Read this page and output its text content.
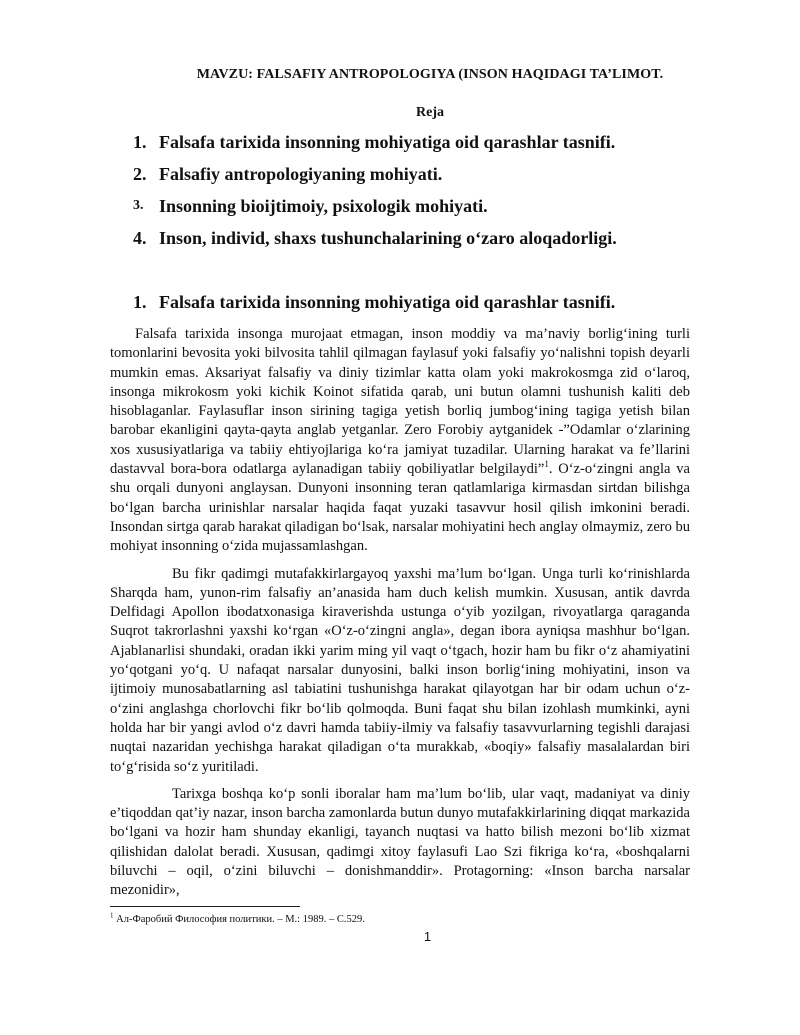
MAVZU: FALSAFIY ANTROPOLOGIYA (INSON HAQIDAGI TA’LIMOT.
Reja
1. Falsafa tarixida insonning mohiyatiga oid qarashlar tasnifi.
2. Falsafiy antropologiyaning mohiyati.
3. Insonning bioijtimoiy, psixologik mohiyati.
4. Inson, individ, shaxs tushunchalarining o‘zaro aloqadorligi.
1. Falsafa tarixida insonning mohiyatiga oid qarashlar tasnifi.

Falsafa tarixida insonga murojaat etmagan, inson moddiy va ma’naviy borlig‘ining turli tomonlarini bevosita yoki bilvosita tahlil qilmagan faylasuf yoki falsafiy yo‘nalishni topish deyarli mumkin emas. Aksariyat falsafiy va diniy tizimlar katta olam yoki makrokosmga zid o‘laroq, insonga mikrokosm yoki kichik Koinot sifatida qarab, uni butun olamni tushunish kaliti deb hisoblaganlar. Faylasuflar inson sirining tagiga yetish borliq jumbog‘ining tagiga yetish bilan barobar ekanligini qayta-qayta anglab yetganlar. Zero Forobiy aytganidek -”Odamlar o‘zlarining xos xususiyatlariga va tabiiy ehtiyojlariga ko‘ra jamiyat tuzadilar. Ularning harakat va fe’llarini dastavval bora-bora odatlarga aylanadigan tabiiy qobiliyatlar belgilaydi”$^1$. O‘z-o‘zingni angla va shu orqali dunyoni anglaysan. Dunyoni insonning teran qatlamlariga kirmasdan sirtdan bilishga bo‘lgan barcha urinishlar narsalar haqida faqat yuzaki tasavvur hosil qilish imkonini beradi. Insondan sirtga qarab harakat qiladigan bo‘lsak, narsalar mohiyatini hech anglay olmaymiz, zero bu mohiyat insonning o‘zida mujassamlashgan.

Bu fikr qadimgi mutafakkirlargayoq yaxshi ma’lum bo‘lgan. Unga turli ko‘rinishlarda Sharqda ham, yunon-rim falsafiy an’anasida ham duch kelish mumkin. Xususan, antik davrda Delfidagi Apollon ibodatxonasiga kiraverishda ustunga o‘yib yozilgan, rivoyatlarga qaraganda Suqrot takrorlashni yaxshi ko‘rgan «O‘z-o‘zingni angla», degan ibora ayniqsa mashhur bo‘lgan. Ajablanarlisi shundaki, oradan ikki yarim ming yil vaqt o‘tgach, hozir ham bu fikr o‘z ahamiyatini yo‘qotgani yo‘q. U nafaqat narsalar dunyosini, balki inson borlig‘ining mohiyatini, inson va ijtimoiy munosabatlarning asl tabiatini tushunishga harakat qilayotgan har bir odam uchun o‘z-o‘zini anglashga chorlovchi fikr bo‘lib qolmoqda. Buni faqat shu bilan izohlash mumkinki, ayni holda har bir yangi avlod o‘z davri hamda tabiiy-ilmiy va falsafiy tasavvurlarning tegishli darajasi nuqtai nazaridan yechishga harakat qiladigan o‘ta murakkab, «boqiy» falsafiy masalalardan biri to‘g‘risida so‘z yuritiladi.

Tarixga boshqa ko‘p sonli iboralar ham ma’lum bo‘lib, ular vaqt, madaniyat va diniy e’tiqoddan qat’iy nazar, inson barcha zamonlarda butun dunyo mutafakkirlarining diqqat markazida bo‘lgani va hozir ham shunday ekanligi, tayanch nuqtasi va hatto bilish mezoni bo‘lib xizmat qilishidan dalolat beradi. Xususan, qadimgi xitoy faylasufi Lao Szi fikriga ko‘ra, «boshqalarni biluvchi – oqil, o‘zini biluvchi – donishmanddir». Protagorning: «Inson barcha narsalar mezonidir»,

$^1$ Ал-Фаробий Философия политики. – М.: 1989. – С.529.
1
